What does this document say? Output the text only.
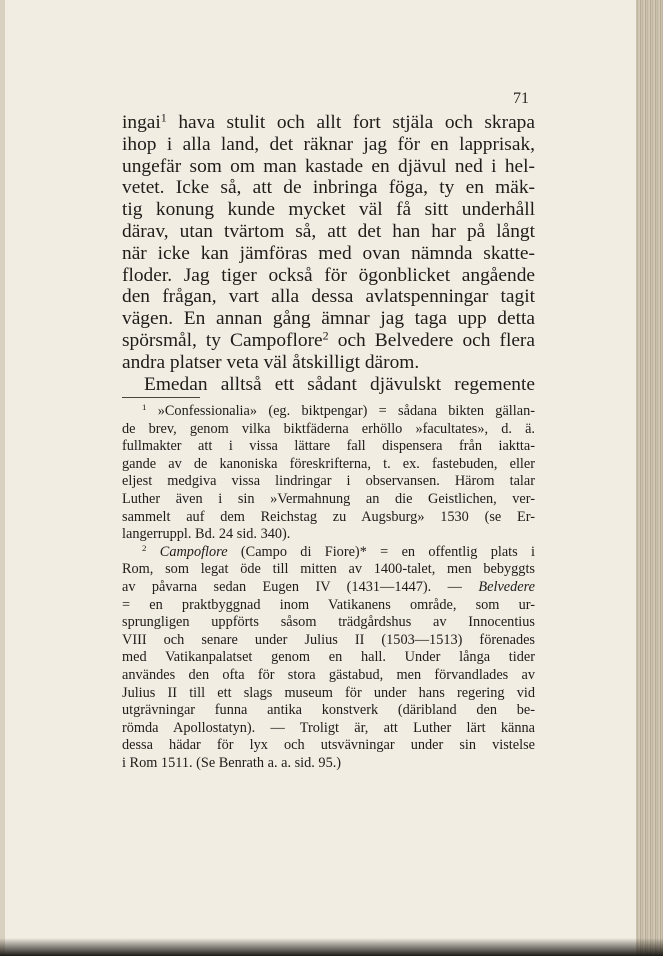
71
ingai$^1$ hava stulit och allt fort stjäla och skrapa
ihop i alla land, det räknar jag för en lapprisak,
ungefär som om man kastade en djävul ned i hel-
vetet. Icke så, att de inbringa föga, ty en mäk-
tig konung kunde mycket väl få sitt underhåll
därav, utan tvärtom så, att det han har på långt
när icke kan jämföras med ovan nämnda skatte-
floder. Jag tiger också för ögonblicket angående
den frågan, vart alla dessa avlatspenningar tagit
vägen. En annan gång ämnar jag taga upp detta
spörsmål, ty Campoflore$^2$ och Belvedere och flera
andra platser veta väl åtskilligt därom.
Emedan alltså ett sådant djävulskt regemente
$^1$ »Confessionalia» (eg. biktpengar) = sådana bikten gällan-
de brev, genom vilka biktfäderna erhöllo »facultates», d. ä.
fullmakter att i vissa lättare fall dispensera från iaktta-
gande av de kanoniska föreskrifterna, t. ex. fastebuden, eller
eljest medgiva vissa lindringar i observansen. Härom talar
Luther även i sin »Vermahnung an die Geistlichen, ver-
sammelt auf dem Reichstag zu Augsburg» 1530 (se Er-
langerruppl. Bd. 24 sid. 340).
$^2$ Campoflore (Campo di Fiore)* = en offentlig plats i
Rom, som legat öde till mitten av 1400-talet, men bebyggts
av påvarna sedan Eugen IV (1431—1447). — Belvedere
= en praktbyggnad inom Vatikanens område, som ur-
sprungligen uppförts såsom trädgårdshus av Innocentius
VIII och senare under Julius II (1503—1513) förenades
med Vatikanpalatset genom en hall. Under långa tider
användes den ofta för stora gästabud, men förvandlades av
Julius II till ett slags museum för under hans regering vid
utgrävningar funna antika konstverk (däribland den be-
römda Apollostatyn). — Troligt är, att Luther lärt känna
dessa hädar för lyx och utsvävningar under sin vistelse
i Rom 1511. (Se Benrath a. a. sid. 95.)
